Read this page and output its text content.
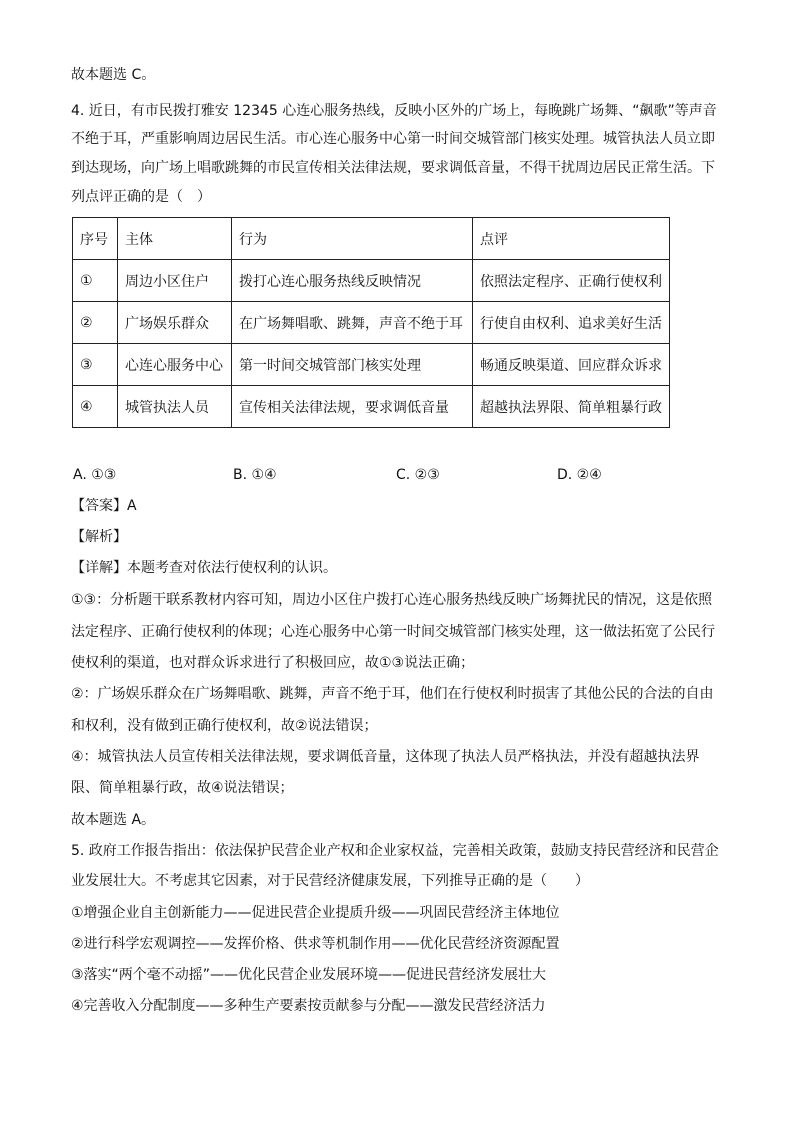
故本题选 C。
4. 近日，有市民拨打雅安 12345 心连心服务热线，反映小区外的广场上，每晚跳广场舞、“飙歌”等声音
不绝于耳，严重影响周边居民生活。市心连心服务中心第一时间交城管部门核实处理。城管执法人员立即
到达现场，向广场上唱歌跳舞的市民宣传相关法律法规，要求调低音量，不得干扰周边居民正常生活。下
列点评正确的是（　）
序号	主体	行为	点评
①	周边小区住户	拨打心连心服务热线反映情况	依照法定程序、正确行使权利
②	广场娱乐群众	在广场舞唱歌、跳舞，声音不绝于耳	行使自由权利、追求美好生活
③	心连心服务中心	第一时间交城管部门核实处理	畅通反映渠道、回应群众诉求
④	城管执法人员	宣传相关法律法规，要求调低音量	超越执法界限、简单粗暴行政
A. ①③	B. ①④	C. ②③	D. ②④
【答案】A
【解析】
【详解】本题考查对依法行使权利的认识。
①③：分析题干联系教材内容可知，周边小区住户拨打心连心服务热线反映广场舞扰民的情况，这是依照
法定程序、正确行使权利的体现；心连心服务中心第一时间交城管部门核实处理，这一做法拓宽了公民行
使权利的渠道，也对群众诉求进行了积极回应，故①③说法正确；
②：广场娱乐群众在广场舞唱歌、跳舞，声音不绝于耳，他们在行使权利时损害了其他公民的合法的自由
和权利，没有做到正确行使权利，故②说法错误；
④：城管执法人员宣传相关法律法规，要求调低音量，这体现了执法人员严格执法，并没有超越执法界
限、简单粗暴行政，故④说法错误；
故本题选 A。
5. 政府工作报告指出：依法保护民营企业产权和企业家权益，完善相关政策，鼓励支持民营经济和民营企
业发展壮大。不考虑其它因素，对于民营经济健康发展，下列推导正确的是（　　）
①增强企业自主创新能力——促进民营企业提质升级——巩固民营经济主体地位
②进行科学宏观调控——发挥价格、供求等机制作用——优化民营经济资源配置
③落实“两个毫不动摇”——优化民营企业发展环境——促进民营经济发展壮大
④完善收入分配制度——多种生产要素按贡献参与分配——激发民营经济活力
